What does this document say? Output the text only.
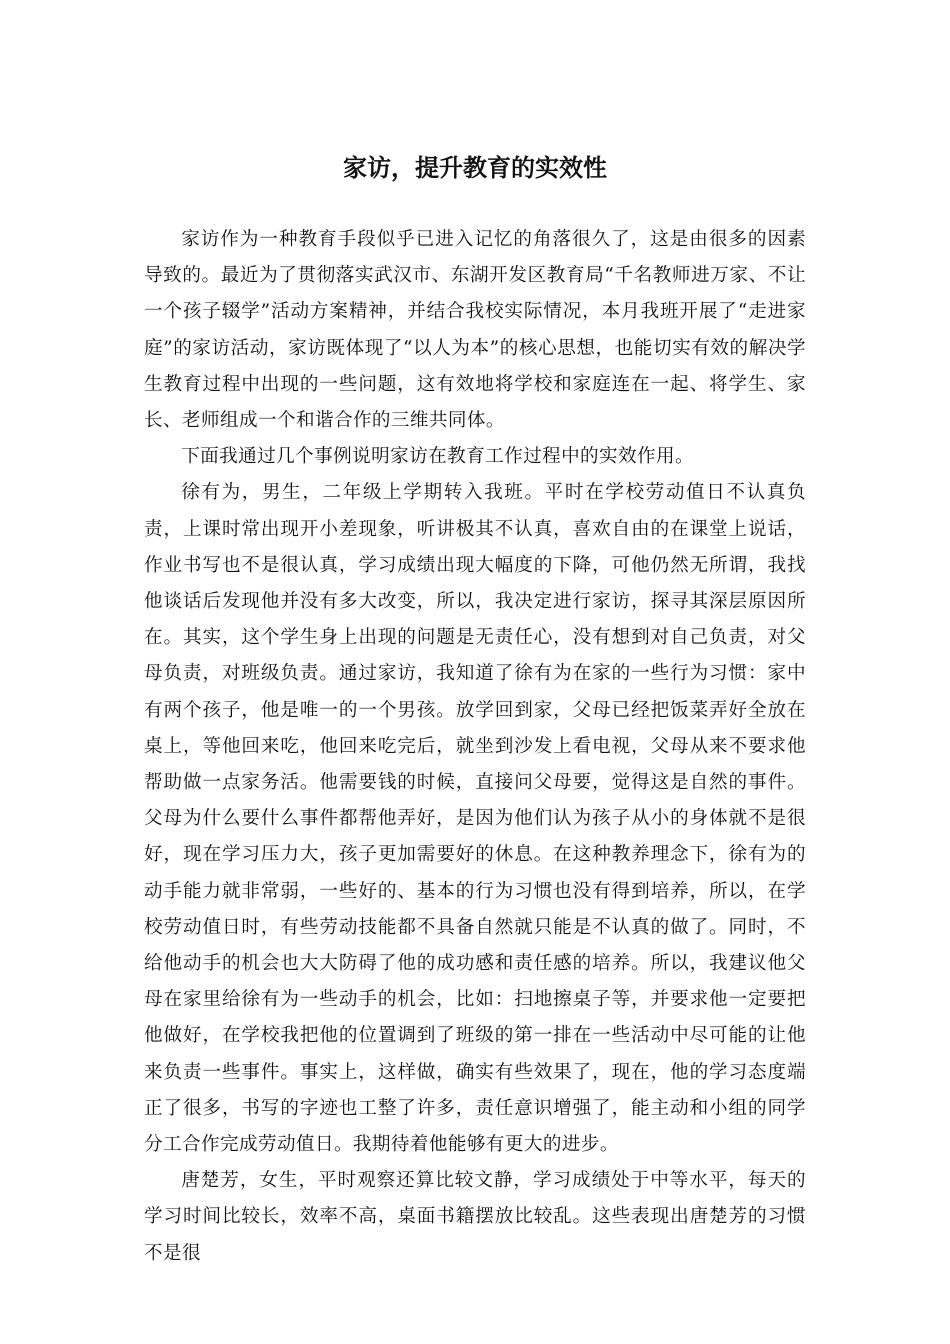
家访，提升教育的实效性

家访作为一种教育手段似乎已进入记忆的角落很久了，这是由很多的因素导致的。最近为了贯彻落实武汉市、东湖开发区教育局“千名教师进万家、不让一个孩子辍学”活动方案精神，并结合我校实际情况，本月我班开展了“走进家庭”的家访活动，家访既体现了“以人为本”的核心思想，也能切实有效的解决学生教育过程中出现的一些问题，这有效地将学校和家庭连在一起、将学生、家长、老师组成一个和谐合作的三维共同体。

下面我通过几个事例说明家访在教育工作过程中的实效作用。

徐有为，男生，二年级上学期转入我班。平时在学校劳动值日不认真负责，上课时常出现开小差现象，听讲极其不认真，喜欢自由的在课堂上说话，作业书写也不是很认真，学习成绩出现大幅度的下降，可他仍然无所谓，我找他谈话后发现他并没有多大改变，所以，我决定进行家访，探寻其深层原因所在。其实，这个学生身上出现的问题是无责任心，没有想到对自己负责，对父母负责，对班级负责。通过家访，我知道了徐有为在家的一些行为习惯：家中有两个孩子，他是唯一的一个男孩。放学回到家，父母已经把饭菜弄好全放在桌上，等他回来吃，他回来吃完后，就坐到沙发上看电视，父母从来不要求他帮助做一点家务活。他需要钱的时候，直接问父母要，觉得这是自然的事件。父母为什么要什么事件都帮他弄好，是因为他们认为孩子从小的身体就不是很好，现在学习压力大，孩子更加需要好的休息。在这种教养理念下，徐有为的动手能力就非常弱，一些好的、基本的行为习惯也没有得到培养，所以，在学校劳动值日时，有些劳动技能都不具备自然就只能是不认真的做了。同时，不给他动手的机会也大大防碍了他的成功感和责任感的培养。所以，我建议他父母在家里给徐有为一些动手的机会，比如：扫地擦桌子等，并要求他一定要把他做好，在学校我把他的位置调到了班级的第一排在一些活动中尽可能的让他来负责一些事件。事实上，这样做，确实有些效果了，现在，他的学习态度端正了很多，书写的字迹也工整了许多，责任意识增强了，能主动和小组的同学分工合作完成劳动值日。我期待着他能够有更大的进步。

唐楚芳，女生，平时观察还算比较文静，学习成绩处于中等水平，每天的学习时间比较长，效率不高，桌面书籍摆放比较乱。这些表现出唐楚芳的习惯不是很
